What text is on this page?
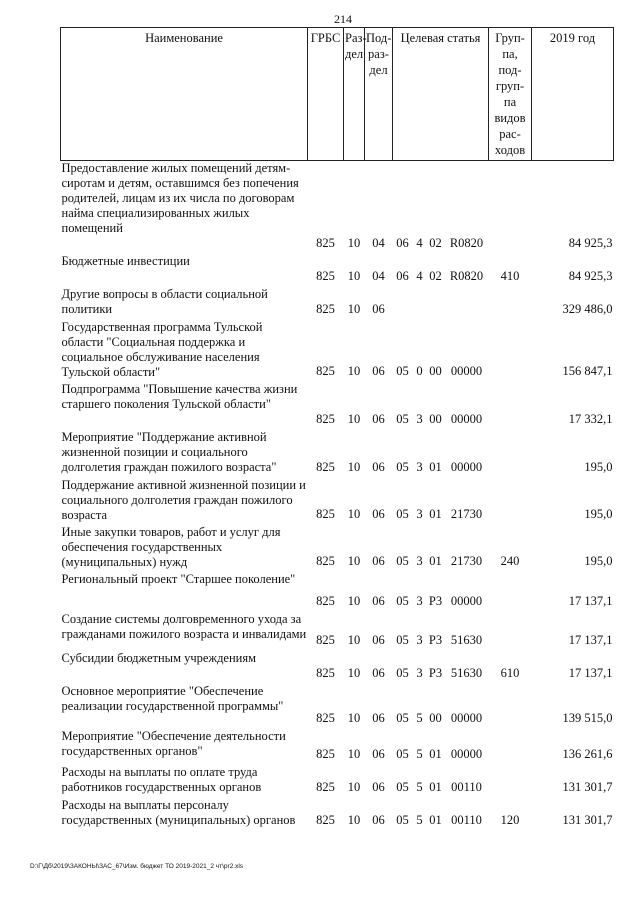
214
Наименование	ГРБС	Раз-дел	Под-раз-дел	Целевая статья				Груп-па, под-груп-па видов рас-ходов	2019 год
Предоставление жилых помещений детям-сиротам и детям, оставшимся без попечения родителей, лицам из их числа по договорам найма специализированных жилых помещений	825	10	04	06	4	02	R0820		84 925,3
Бюджетные инвестиции	825	10	04	06	4	02	R0820	410	84 925,3
Другие вопросы в области социальной политики	825	10	06						329 486,0
Государственная программа Тульской области "Социальная поддержка и социальное обслуживание населения Тульской области"	825	10	06	05	0	00	00000		156 847,1
Подпрограмма "Повышение качества жизни старшего поколения Тульской области"	825	10	06	05	3	00	00000		17 332,1
Мероприятие "Поддержание активной жизненной позиции и социального долголетия граждан пожилого возраста"	825	10	06	05	3	01	00000		195,0
Поддержание активной жизненной позиции и социального долголетия граждан пожилого возраста	825	10	06	05	3	01	21730		195,0
Иные закупки товаров, работ и услуг для обеспечения государственных (муниципальных) нужд	825	10	06	05	3	01	21730	240	195,0
Региональный проект "Старшее поколение"	825	10	06	05	3	P3	00000		17 137,1
Создание системы долговременного ухода за гражданами пожилого возраста и инвалидами	825	10	06	05	3	P3	51630		17 137,1
Субсидии бюджетным учреждениям	825	10	06	05	3	P3	51630	610	17 137,1
Основное мероприятие "Обеспечение реализации государственной программы"	825	10	06	05	5	00	00000		139 515,0
Мероприятие "Обеспечение деятельности государственных органов"	825	10	06	05	5	01	00000		136 261,6
Расходы на выплаты по оплате труда работников государственных органов	825	10	06	05	5	01	00110		131 301,7
Расходы на выплаты персоналу государственных (муниципальных) органов	825	10	06	05	5	01	00110	120	131 301,7
D:\Г\Дб\2019\ЗАКОНЫ\ЗАС_67\Изм. бюджет ТО 2019-2021_2 чт\pr2.xls
